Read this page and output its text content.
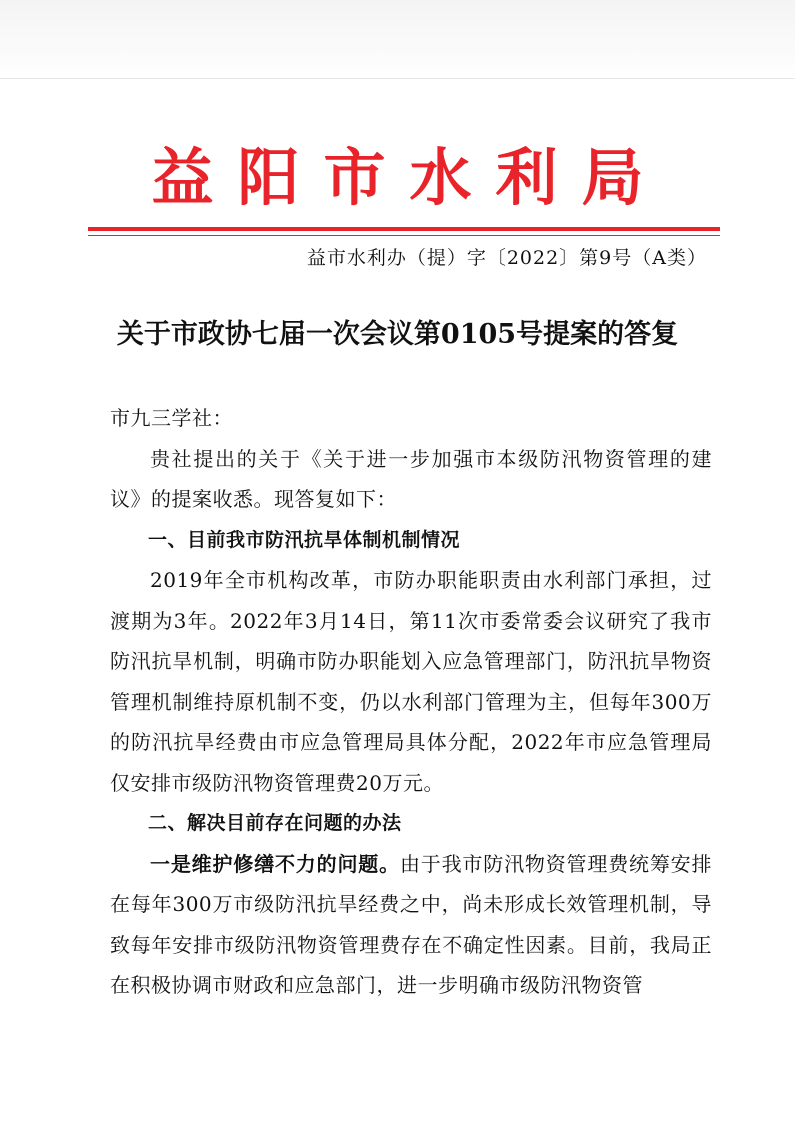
益阳市水利局
益市水利办（提）字〔2022〕第9号（A类）
关于市政协七届一次会议第0105号提案的答复

市九三学社：

贵社提出的关于《关于进一步加强市本级防汛物资管理的建议》的提案收悉。现答复如下：

一、目前我市防汛抗旱体制机制情况

2019年全市机构改革，市防办职能职责由水利部门承担，过渡期为3年。2022年3月14日，第11次市委常委会议研究了我市防汛抗旱机制，明确市防办职能划入应急管理部门，防汛抗旱物资管理机制维持原机制不变，仍以水利部门管理为主，但每年300万的防汛抗旱经费由市应急管理局具体分配，2022年市应急管理局仅安排市级防汛物资管理费20万元。

二、解决目前存在问题的办法

一是维护修缮不力的问题。由于我市防汛物资管理费统筹安排在每年300万市级防汛抗旱经费之中，尚未形成长效管理机制，导致每年安排市级防汛物资管理费存在不确定性因素。目前，我局正在积极协调市财政和应急部门，进一步明确市级防汛物资管
